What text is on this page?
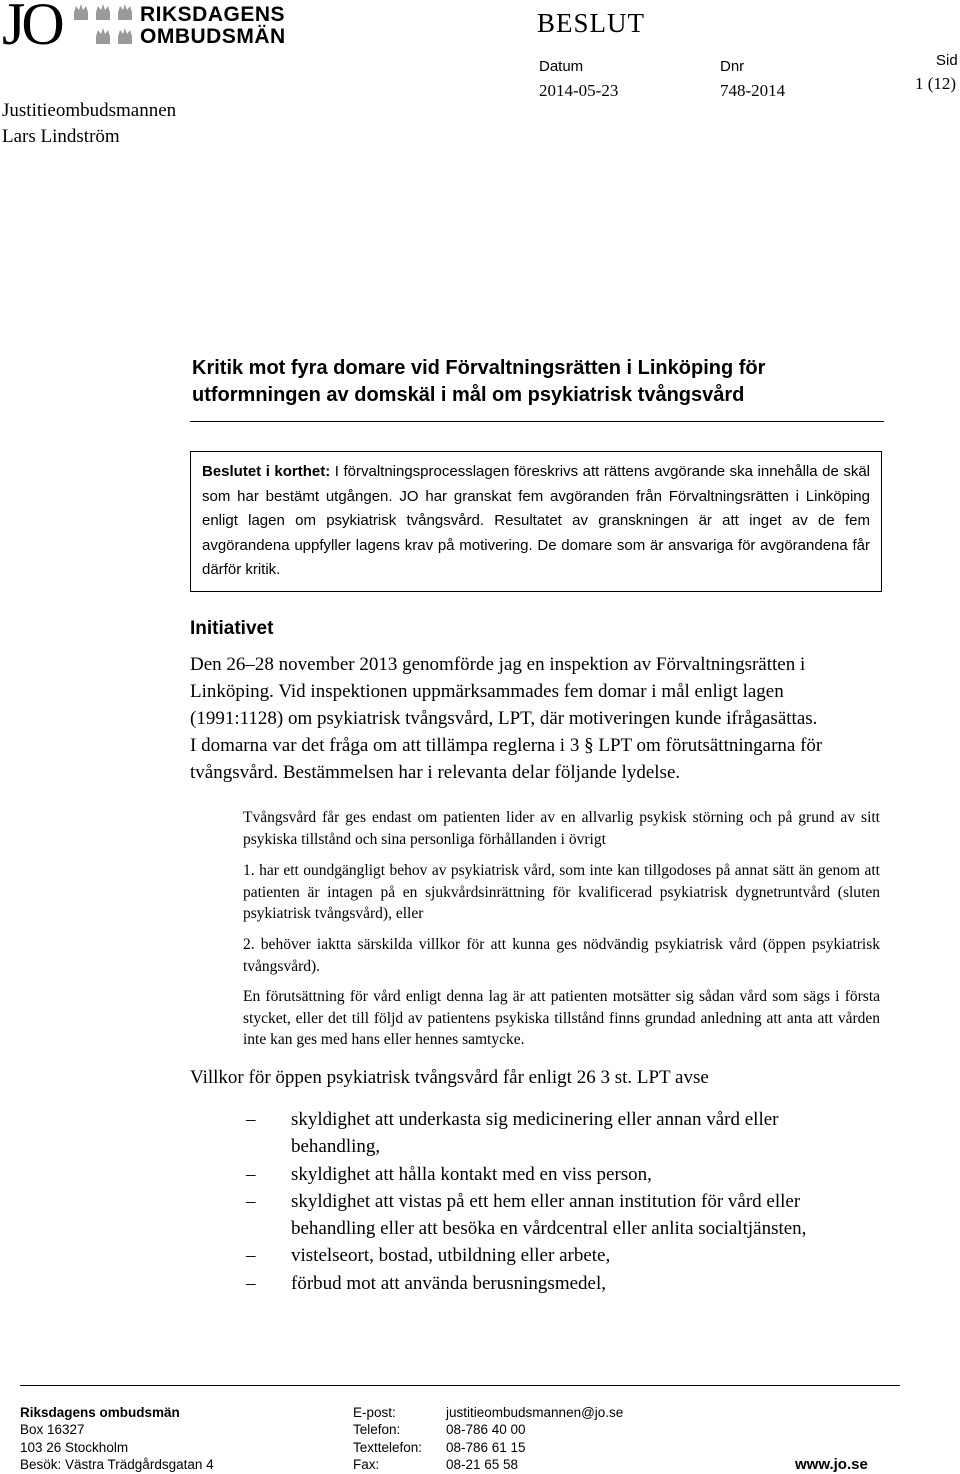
JO	RIKSDAGENS
OMBUDSMÄN
Justitieombudsmannen
Lars Lindström
BESLUT
Datum
2014-05-23
Dnr
748-2014
Sid
1 (12)
Kritik mot fyra domare vid Förvaltningsrätten i Linköping för
utformningen av domskäl i mål om psykiatrisk tvångsvård
Beslutet i korthet: I förvaltningsprocesslagen föreskrivs att rättens avgörande ska innehålla de skäl som har bestämt utgången. JO har granskat fem avgöranden från Förvaltningsrätten i Linköping enligt lagen om psykiatrisk tvångsvård. Resultatet av granskningen är att inget av de fem avgörandena uppfyller lagens krav på motivering. De domare som är ansvariga för avgörandena får därför kritik.
Initiativet
Den 26–28 november 2013 genomförde jag en inspektion av Förvaltningsrätten i
Linköping. Vid inspektionen uppmärksammades fem domar i mål enligt lagen
(1991:1128) om psykiatrisk tvångsvård, LPT, där motiveringen kunde ifrågasättas.
I domarna var det fråga om att tillämpa reglerna i 3 § LPT om förutsättningarna för
tvångsvård. Bestämmelsen har i relevanta delar följande lydelse.

Tvångsvård får ges endast om patienten lider av en allvarlig psykisk störning och på grund av sitt psykiska tillstånd och sina personliga förhållanden i övrigt

1. har ett oundgängligt behov av psykiatrisk vård, som inte kan tillgodoses på annat sätt än genom att patienten är intagen på en sjukvårdsinrättning för kvalificerad psykiatrisk dygnetruntvård (sluten psykiatrisk tvångsvård), eller

2. behöver iakttа särskilda villkor för att kunna ges nödvändig psykiatrisk vård (öppen psykiatrisk tvångsvård).

En förutsättning för vård enligt denna lag är att patienten motsätter sig sådan vård som sägs i första stycket, eller det till följd av patientens psykiska tillstånd finns grundad anledning att anta att vården inte kan ges med hans eller hennes samtycke.

Villkor för öppen psykiatrisk tvångsvård får enligt 26 3 st. LPT avse
– skyldighet att underkasta sig medicinering eller annan vård eller behandling,
– skyldighet att hålla kontakt med en viss person,
– skyldighet att vistas på ett hem eller annan institution för vård eller behandling eller att besöka en vårdcentral eller anlita socialtjänsten,
– vistelseort, bostad, utbildning eller arbete,
– förbud mot att använda berusningsmedel,
Riksdagens ombudsmän
Box 16327
103 26 Stockholm
Besök: Västra Trädgårdsgatan 4
E-post:
Telefon:
Texttelefon:
Fax:
justitieombudsmannen@jo.se
08-786 40 00
08-786 61 15
08-21 65 58	www.jo.se
